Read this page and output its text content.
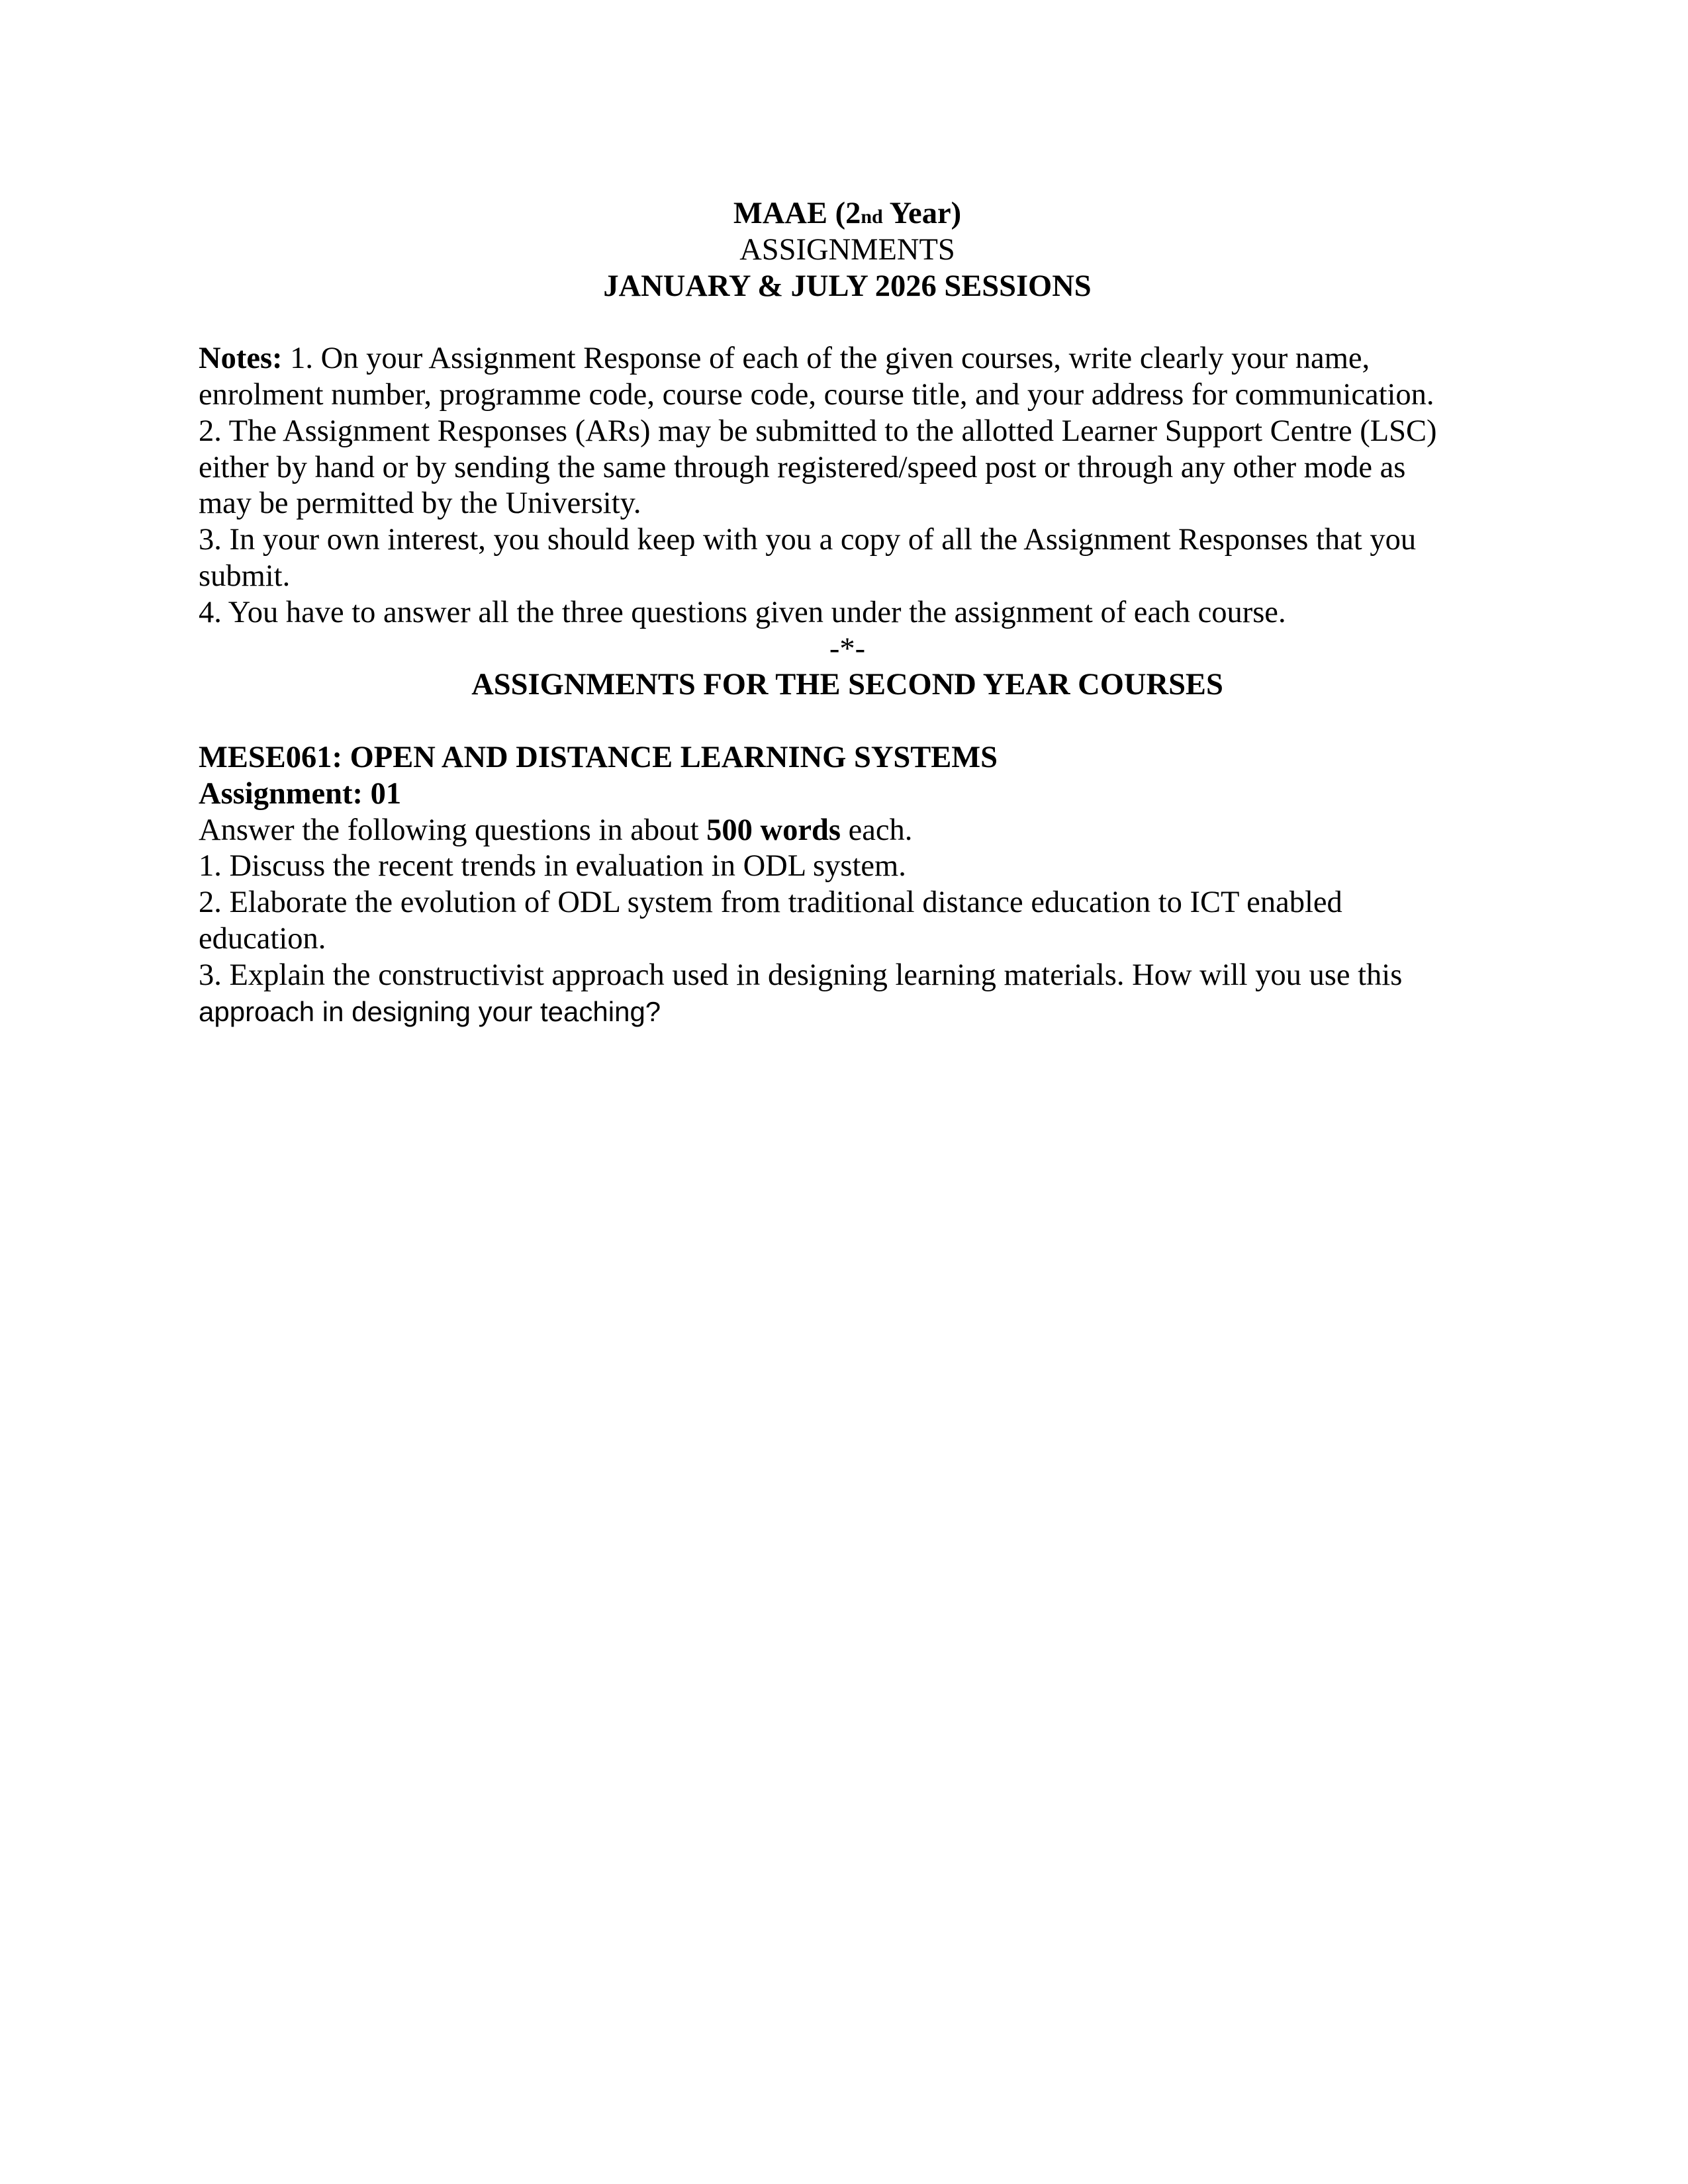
MAAE (2nd Year)
ASSIGNMENTS
JANUARY & JULY 2026 SESSIONS
Notes: 1. On your Assignment Response of each of the given courses, write clearly your name,
enrolment number, programme code, course code, course title, and your address for communication.
2. The Assignment Responses (ARs) may be submitted to the allotted Learner Support Centre (LSC)
either by hand or by sending the same through registered/speed post or through any other mode as
may be permitted by the University.
3. In your own interest, you should keep with you a copy of all the Assignment Responses that you
submit.
4. You have to answer all the three questions given under the assignment of each course.
-*-
ASSIGNMENTS FOR THE SECOND YEAR COURSES
MESE061: OPEN AND DISTANCE LEARNING SYSTEMS
Assignment: 01
Answer the following questions in about 500 words each.
1. Discuss the recent trends in evaluation in ODL system.
2. Elaborate the evolution of ODL system from traditional distance education to ICT enabled
education.
3. Explain the constructivist approach used in designing learning materials. How will you use this
approach in designing your teaching?
